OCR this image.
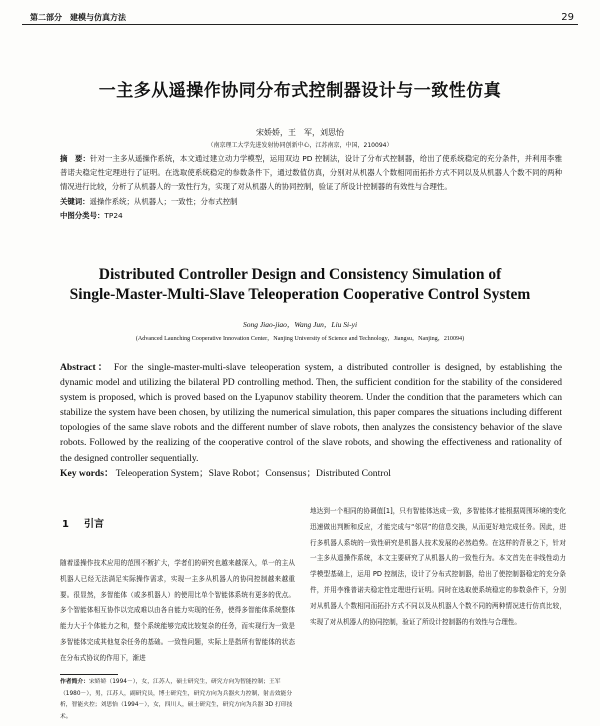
第二部分　建模与仿真方法	29
一主多从遥操作协同分布式控制器设计与一致性仿真
宋娇娇，王　军，刘思怡
（南京理工大学先进发射协同创新中心，江苏南京，中国，210094）
摘　要：针对一主多从遥操作系统，本文通过建立动力学模型，运用双边 PD 控制法，设计了分布式控制器，给出了使系统稳定的充分条件，并利用李雅普诺夫稳定性定理进行了证明。在选取使系统稳定的参数条件下，通过数值仿真，分别对从机器人个数相同而拓扑方式不同以及从机器人个数不同的两种情况进行比较，分析了从机器人的一致性行为，实现了对从机器人的协同控制，验证了所设计控制器的有效性与合理性。
关键词：遥操作系统；从机器人；一致性；分布式控制
中图分类号：TP24
Distributed Controller Design and Consistency Simulation of
Single-Master-Multi-Slave Teleoperation Cooperative Control System
Song Jiao-jiao，Wang Jun，Liu Si-yi
(Advanced Launching Cooperative Innovation Center，Nanjing University of Science and Technology，Jiangsu，Nanjing，210094)
Abstract： For the single-master-multi-slave teleoperation system, a distributed controller is designed, by establishing the dynamic model and utilizing the bilateral PD controlling method. Then, the sufficient condition for the stability of the considered system is proposed, which is proved based on the Lyapunov stability theorem. Under the condition that the parameters which can stabilize the system have been chosen, by utilizing the numerical simulation, this paper compares the situations including different topologies of the same slave robots and the different number of slave robots, then analyzes the consistency behavior of the slave robots. Followed by the realizing of the cooperative control of the slave robots, and showing the effectiveness and rationality of the designed controller sequentially.
Key words： Teleoperation System；Slave Robot；Consensus；Distributed Control
1 引言
随着遥操作技术应用的范围不断扩大，学者们的研究也越来越深入，单一的主从机器人已经无法满足实际操作需求，实现一主多从机器人的协同控制越来越重要。很显然，多智能体（或多机器人）的使用比单个智能体系统有更多的优点。多个智能体相互协作以完成难以由各自能力实现的任务，使得多智能体系统整体能力大于个体能力之和，整个系统能够完成比较复杂的任务，而实现行为一致是多智能体完成其他复杂任务的基础。一致性问题，实际上是指所有智能体的状态在分布式协议的作用下，渐进
地达到一个相同的协调值[1]，只有智能体达成一致，多智能体才能根据周围环境的变化迅速做出判断和反应，才能完成与“邻居”的信息交换，从而更好地完成任务。因此，进行多机器人系统的一致性研究是机器人技术发展的必然趋势。在这样的背景之下，针对一主多从遥操作系统，本文主要研究了从机器人的一致性行为。本文首先在非线性动力学模型基础上，运用 PD 控制法，设计了分布式控制器，给出了使控制器稳定的充分条件，并用李雅普诺夫稳定性定理进行证明。同时在选取使系统稳定的参数条件下，分别对从机器人个数相同而拓扑方式不同以及从机器人个数不同的两种情况进行仿真比较，实现了对从机器人的协同控制，验证了所设计控制器的有效性与合理性。
作者简介：宋娇娇（1994－），女，江苏人，硕士研究生，研究方向为智能控制；王军（1980－），男，江苏人，副研究员，博士研究生，研究方向为兵器火力控制，射击效能分析，智能火控；刘思怡（1994－），女，四川人，硕士研究生，研究方向为兵器 3D 打印技术。
